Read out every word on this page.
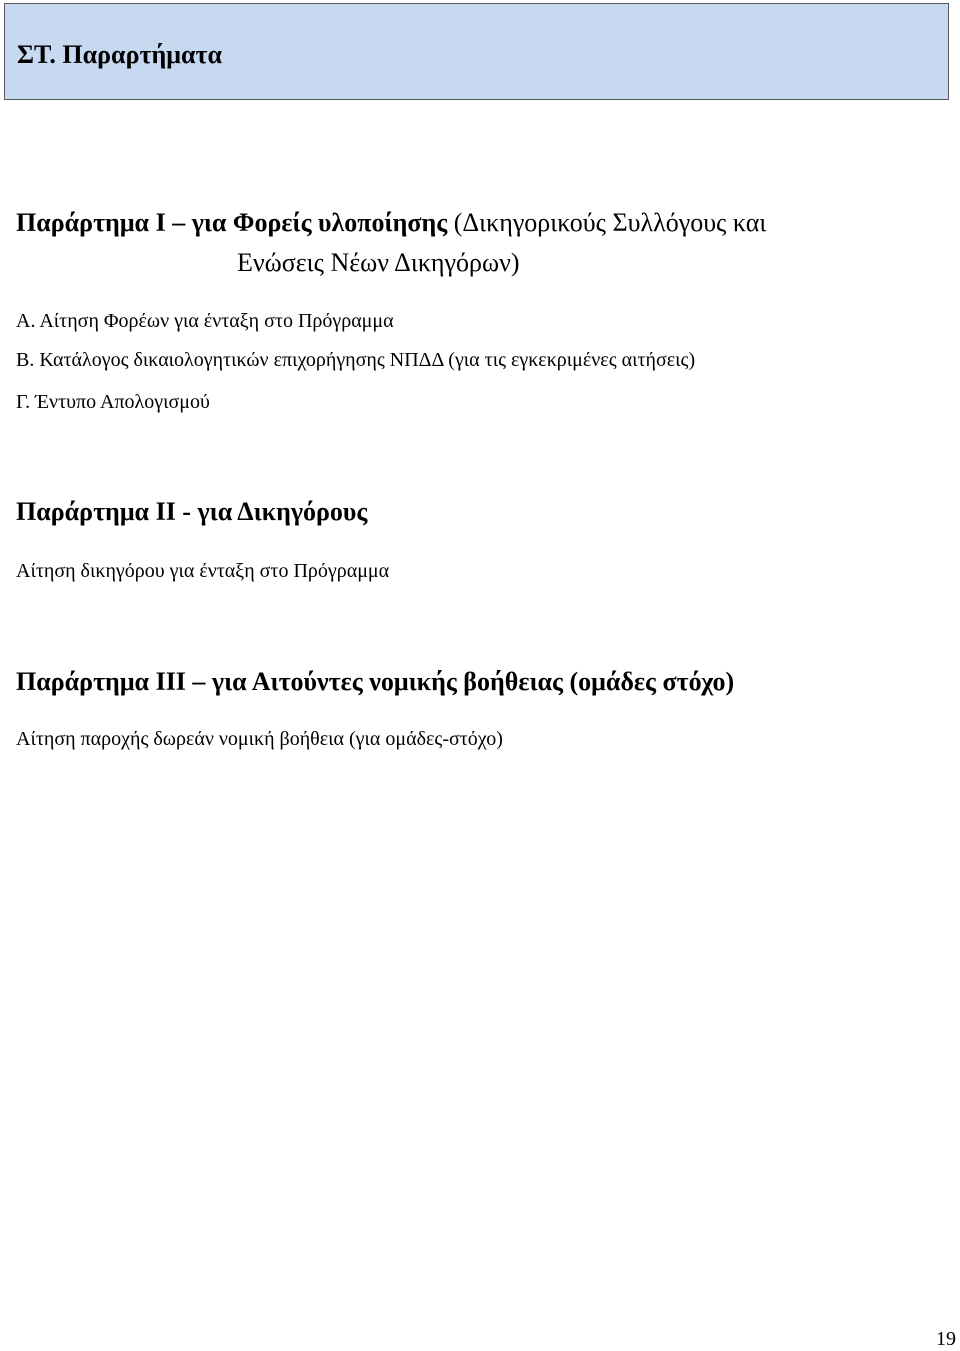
ΣΤ. Παραρτήματα
Παράρτημα Ι – για Φορείς υλοποίησης (Δικηγορικούς Συλλόγους και
Ενώσεις Νέων Δικηγόρων)
Α. Αίτηση Φορέων για ένταξη στο Πρόγραμμα
Β. Κατάλογος δικαιολογητικών επιχορήγησης ΝΠΔΔ (για τις εγκεκριμένες αιτήσεις)
Γ. Έντυπο Απολογισμού
Παράρτημα ΙΙ - για Δικηγόρους
Αίτηση δικηγόρου για ένταξη στο Πρόγραμμα
Παράρτημα ΙΙΙ – για Αιτούντες νομικής βοήθειας (ομάδες στόχο)
Αίτηση παροχής δωρεάν νομική βοήθεια (για ομάδες-στόχο)
19
